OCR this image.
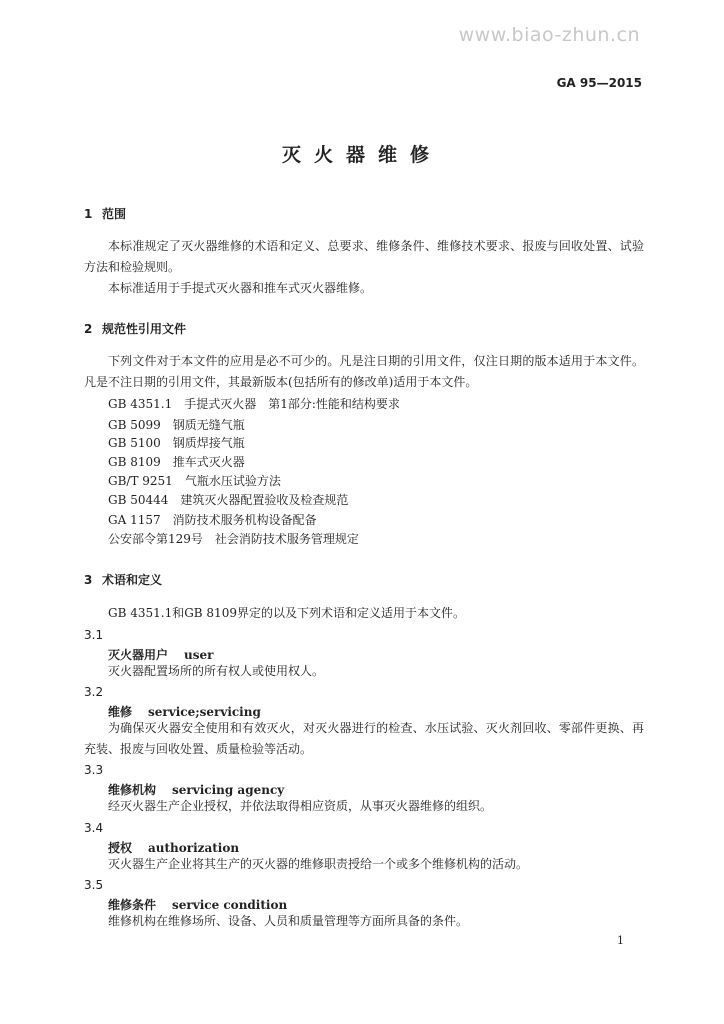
www.biao-zhun.cn
GA 95—2015
灭火器维修
1 范围
本标准规定了灭火器维修的术语和定义、总要求、维修条件、维修技术要求、报废与回收处置、试验方法和检验规则。
本标准适用于手提式灭火器和推车式灭火器维修。
2 规范性引用文件
下列文件对于本文件的应用是必不可少的。凡是注日期的引用文件，仅注日期的版本适用于本文件。凡是不注日期的引用文件，其最新版本(包括所有的修改单)适用于本文件。
GB 4351.1 手提式灭火器　第1部分:性能和结构要求
GB 5099 钢质无缝气瓶
GB 5100 钢质焊接气瓶
GB 8109 推车式灭火器
GB/T 9251 气瓶水压试验方法
GB 50444 建筑灭火器配置验收及检查规范
GA 1157 消防技术服务机构设备配备
公安部令第129号 社会消防技术服务管理规定
3 术语和定义
GB 4351.1和GB 8109界定的以及下列术语和定义适用于本文件。
3.1
灭火器用户 user
灭火器配置场所的所有权人或使用权人。
3.2
维修 service;servicing
为确保灭火器安全使用和有效灭火，对灭火器进行的检查、水压试验、灭火剂回收、零部件更换、再充装、报废与回收处置、质量检验等活动。
3.3
维修机构 servicing agency
经灭火器生产企业授权，并依法取得相应资质，从事灭火器维修的组织。
3.4
授权 authorization
灭火器生产企业将其生产的灭火器的维修职责授给一个或多个维修机构的活动。
3.5
维修条件 service condition
维修机构在维修场所、设备、人员和质量管理等方面所具备的条件。
1
